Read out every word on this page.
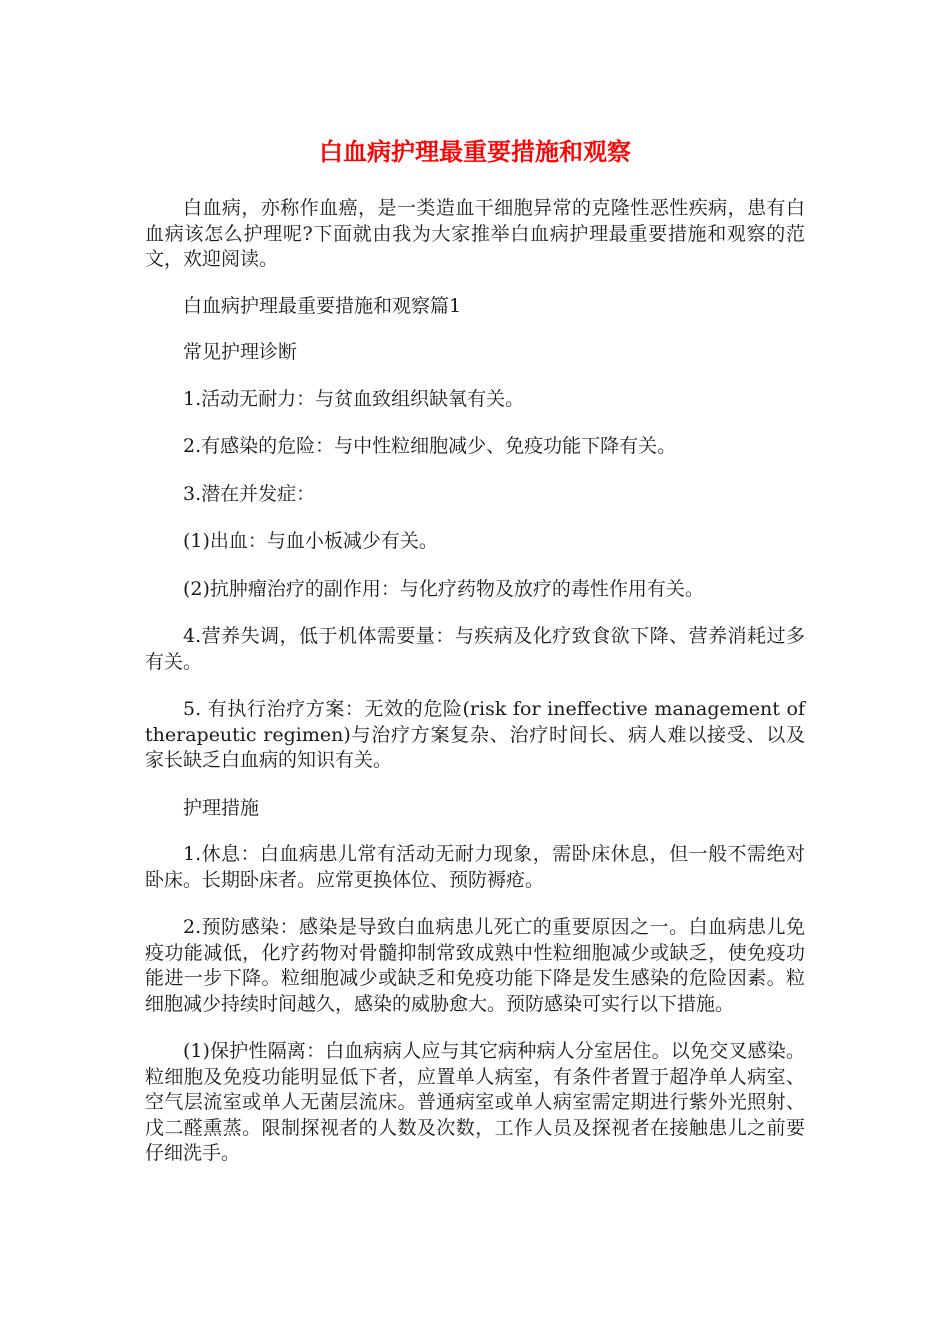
白血病护理最重要措施和观察

白血病，亦称作血癌，是一类造血干细胞异常的克隆性恶性疾病，患有白血病该怎么护理呢?下面就由我为大家推举白血病护理最重要措施和观察的范文，欢迎阅读。

白血病护理最重要措施和观察篇1

常见护理诊断

1.活动无耐力：与贫血致组织缺氧有关。

2.有感染的危险：与中性粒细胞减少、免疫功能下降有关。

3.潜在并发症：

(1)出血：与血小板减少有关。

(2)抗肿瘤治疗的副作用：与化疗药物及放疗的毒性作用有关。

4.营养失调，低于机体需要量：与疾病及化疗致食欲下降、营养消耗过多有关。

5. 有执行治疗方案：无效的危险(risk for ineffective management of therapeutic regimen)与治疗方案复杂、治疗时间长、病人难以接受、以及家长缺乏白血病的知识有关。

护理措施

1.休息：白血病患儿常有活动无耐力现象，需卧床休息，但一般不需绝对卧床。长期卧床者。应常更换体位、预防褥疮。

2.预防感染：感染是导致白血病患儿死亡的重要原因之一。白血病患儿免疫功能减低，化疗药物对骨髓抑制常致成熟中性粒细胞减少或缺乏，使免疫功能进一步下降。粒细胞减少或缺乏和免疫功能下降是发生感染的危险因素。粒细胞减少持续时间越久，感染的威胁愈大。预防感染可实行以下措施。

(1)保护性隔离：白血病病人应与其它病种病人分室居住。以免交叉感染。粒细胞及免疫功能明显低下者，应置单人病室，有条件者置于超净单人病室、空气层流室或单人无菌层流床。普通病室或单人病室需定期进行紫外光照射、戊二醛熏蒸。限制探视者的人数及次数，工作人员及探视者在接触患儿之前要仔细洗手。
